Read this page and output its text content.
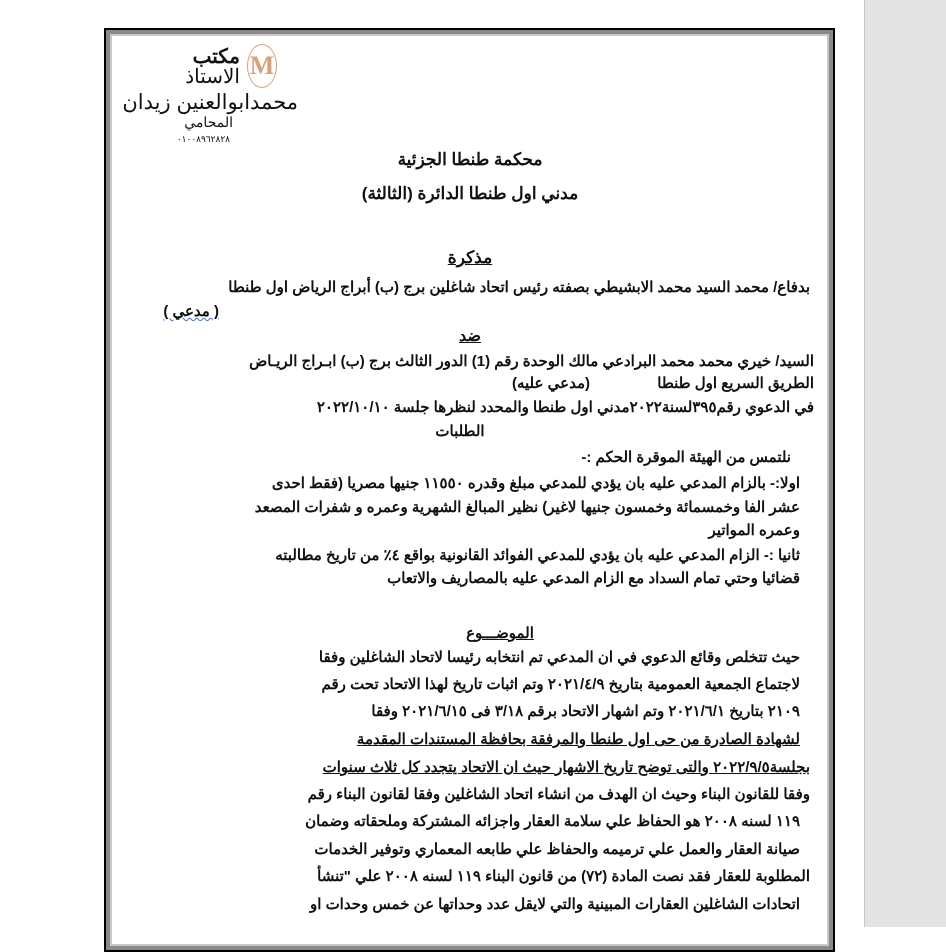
M
مكتب
الاستاذ
محمدابوالعنين زيدان
المحامي
٠١٠٠٨٩٦٢٨٢٨
محكمة طنطا الجزئية
مدني اول طنطا الدائرة (الثالثة)
مذكرة
بدفاع/ محمد السيد محمد الابشيطي بصفته رئيس اتحاد شاغلين برج (ب) أبراج الرياض اول طنطا
( مدعي )
ضد
السيد/ خيري محمد محمد البرادعي مالك الوحدة رقم (1) الدور الثالث برج (ب) ابـراج الريـاض
الطريق السريع اول طنطا
(مدعي عليه)
في الدعوي رقم٣٩٥لسنة٢٠٢٢مدني اول طنطا والمحدد لنظرها جلسة ٢٠٢٢/١٠/١٠
الطلبات
نلتمس من الهيئة الموقرة الحكم :-
اولا:- بالزام المدعي عليه بان يؤدي للمدعي مبلغ وقدره ١١٥٥٠ جنيها مصريا (فقط احدى
عشر الفا وخمسمائة وخمسون جنيها لاغير) نظير المبالغ الشهرية وعمره و شفرات المصعد
وعمره المواتير
ثانيا :- الزام المدعي عليه بان يؤدي للمدعي الفوائد القانونية بواقع ٤٪ من تاريخ مطالبته
قضائيا وحتي تمام السداد مع الزام المدعي عليه بالمصاريف والاتعاب
الموضـــوع
حيث تتخلص وقائع الدعوي في ان المدعي تم انتخابه رئيسا لاتحاد الشاغلين وفقا
لاجتماع الجمعية العمومية بتاريخ ٢٠٢١/٤/٩ وتم اثبات تاريخ لهذا الاتحاد تحت رقم
٢١٠٩ بتاريخ ٢٠٢١/٦/١ وتم اشهار الاتحاد برقم ٣/١٨ فى ٢٠٢١/٦/١٥ وفقا
لشهادة الصادرة من حى اول طنطا والمرفقة بحافظة المستندات المقدمة
بجلسة٢٠٢٢/٩/٥ والتى توضح تاريخ الاشهار حيث ان الاتحاد يتجدد كل ثلاث سنوات
وفقا للقانون البناء وحيث ان الهدف من انشاء اتحاد الشاغلين وفقا لقانون البناء رقم
١١٩ لسنه ٢٠٠٨ هو الحفاظ علي سلامة العقار واجزائه المشتركة وملحقاته وضمان
صيانة العقار والعمل علي ترميمه والحفاظ علي طابعه المعماري وتوفير الخدمات
المطلوبة للعقار فقد نصت المادة (٧٢) من قانون البناء ١١٩ لسنه ٢٠٠٨ علي "تنشأ
اتحادات الشاغلين العقارات المبينية والتي لايقل عدد وحداتها عن خمس وحدات او
